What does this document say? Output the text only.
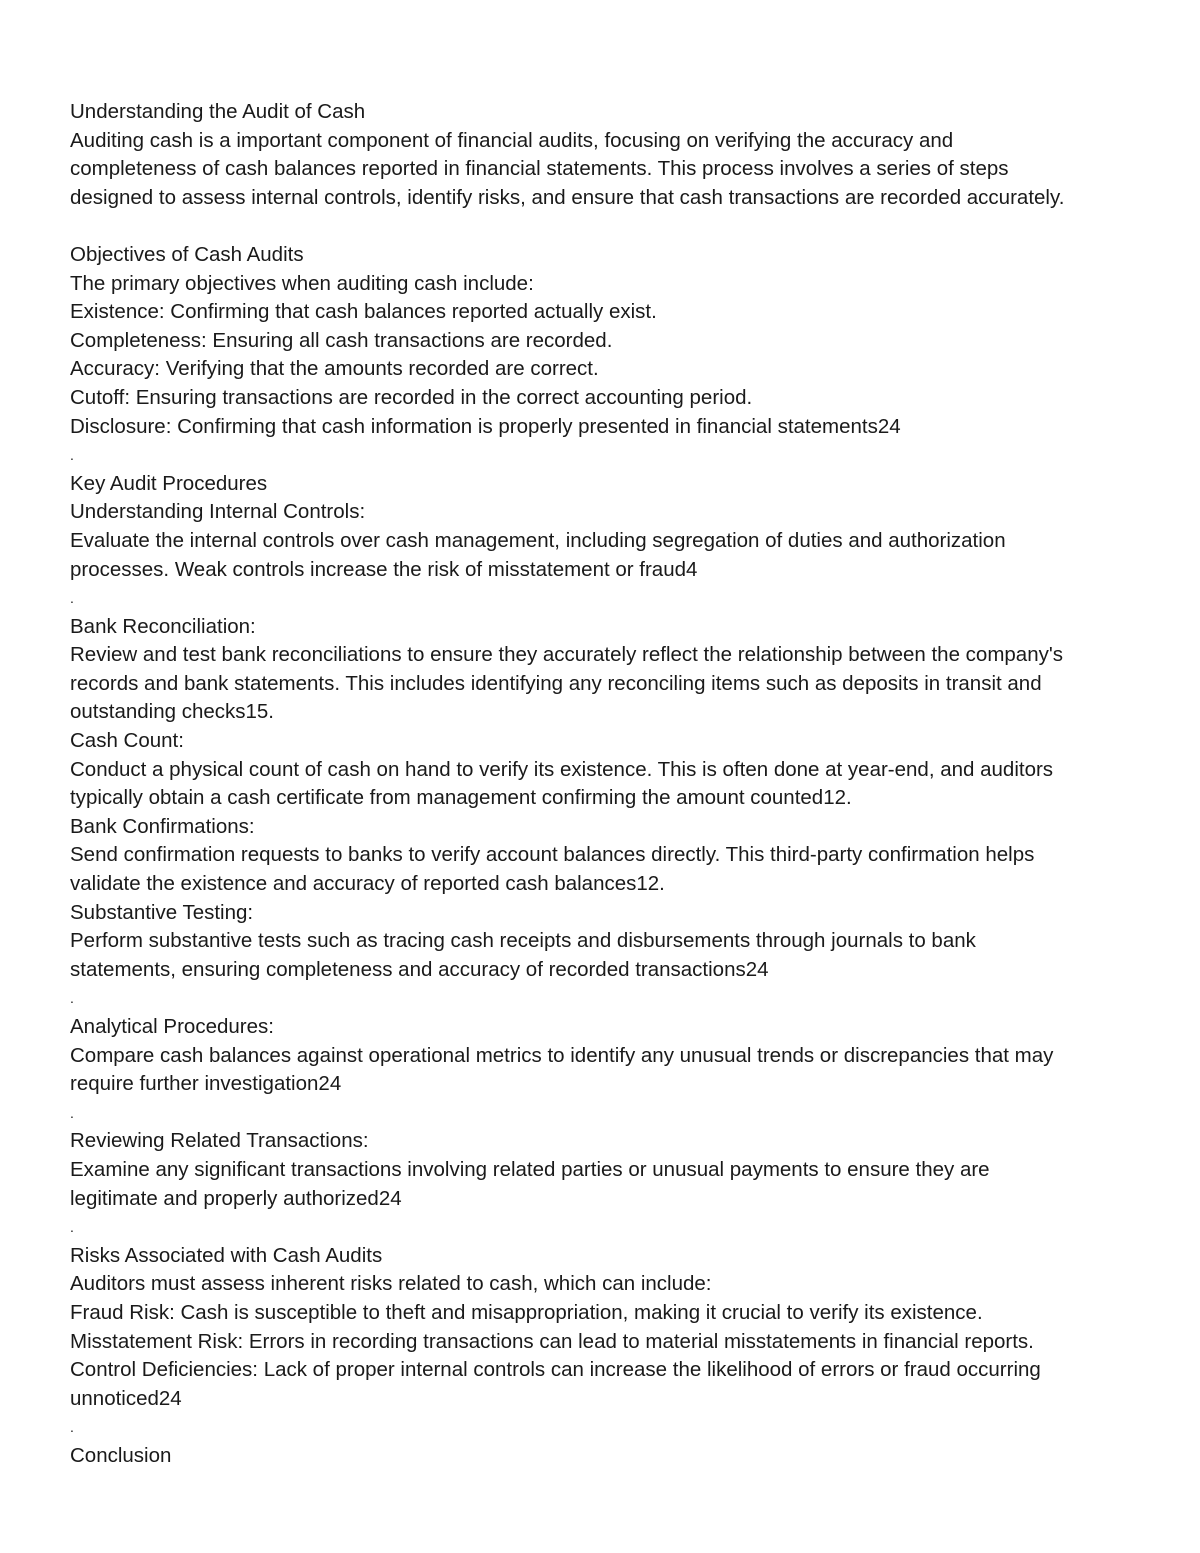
Understanding the Audit of Cash
Auditing cash is a important component of financial audits, focusing on verifying the accuracy and
completeness of cash balances reported in financial statements. This process involves a series of steps
designed to assess internal controls, identify risks, and ensure that cash transactions are recorded accurately.
Objectives of Cash Audits
The primary objectives when auditing cash include:
Existence: Confirming that cash balances reported actually exist.
Completeness: Ensuring all cash transactions are recorded.
Accuracy: Verifying that the amounts recorded are correct.
Cutoff: Ensuring transactions are recorded in the correct accounting period.
Disclosure: Confirming that cash information is properly presented in financial statements24
.
Key Audit Procedures
Understanding Internal Controls:
Evaluate the internal controls over cash management, including segregation of duties and authorization
processes. Weak controls increase the risk of misstatement or fraud4
.
Bank Reconciliation:
Review and test bank reconciliations to ensure they accurately reflect the relationship between the company's
records and bank statements. This includes identifying any reconciling items such as deposits in transit and
outstanding checks15.
Cash Count:
Conduct a physical count of cash on hand to verify its existence. This is often done at year-end, and auditors
typically obtain a cash certificate from management confirming the amount counted12.
Bank Confirmations:
Send confirmation requests to banks to verify account balances directly. This third-party confirmation helps
validate the existence and accuracy of reported cash balances12.
Substantive Testing:
Perform substantive tests such as tracing cash receipts and disbursements through journals to bank
statements, ensuring completeness and accuracy of recorded transactions24
.
Analytical Procedures:
Compare cash balances against operational metrics to identify any unusual trends or discrepancies that may
require further investigation24
.
Reviewing Related Transactions:
Examine any significant transactions involving related parties or unusual payments to ensure they are
legitimate and properly authorized24
.
Risks Associated with Cash Audits
Auditors must assess inherent risks related to cash, which can include:
Fraud Risk: Cash is susceptible to theft and misappropriation, making it crucial to verify its existence.
Misstatement Risk: Errors in recording transactions can lead to material misstatements in financial reports.
Control Deficiencies: Lack of proper internal controls can increase the likelihood of errors or fraud occurring
unnoticed24
.
Conclusion
